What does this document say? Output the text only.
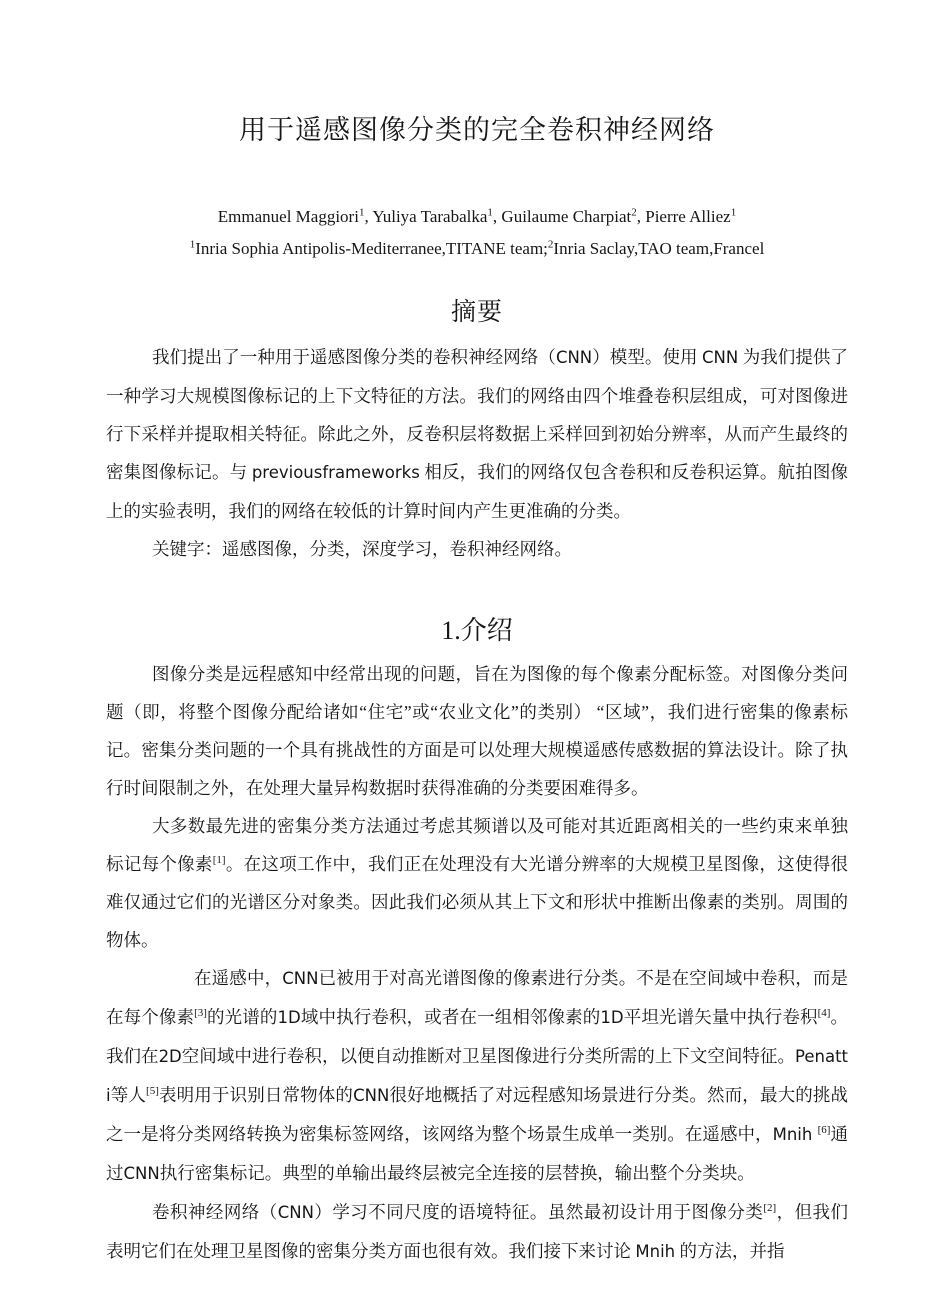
用于遥感图像分类的完全卷积神经网络

Emmanuel Maggiori$^1$, Yuliya Tarabalka$^1$, Guilaume Charpiat$^2$, Pierre Alliez$^1$

$^1$Inria Sophia Antipolis-Mediterranee,TITANE team;$^2$Inria Saclay,TAO team,Francel

摘要

我们提出了一种用于遥感图像分类的卷积神经网络（CNN）模型。使用 CNN 为我们提供了一种学习大规模图像标记的上下文特征的方法。我们的网络由四个堆叠卷积层组成，可对图像进行下采样并提取相关特征。除此之外，反卷积层将数据上采样回到初始分辨率，从而产生最终的密集图像标记。与 previousframeworks 相反，我们的网络仅包含卷积和反卷积运算。航拍图像上的实验表明，我们的网络在较低的计算时间内产生更准确的分类。

关键字：遥感图像，分类，深度学习，卷积神经网络。

1.介绍

图像分类是远程感知中经常出现的问题，旨在为图像的每个像素分配标签。对图像分类问题（即，将整个图像分配给诸如“住宅”或“农业文化”的类别） “区域”，我们进行密集的像素标记。密集分类问题的一个具有挑战性的方面是可以处理大规模遥感传感数据的算法设计。除了执行时间限制之外，在处理大量异构数据时获得准确的分类要困难得多。

大多数最先进的密集分类方法通过考虑其频谱以及可能对其近距离相关的一些约束来单独标记每个像素[1]。在这项工作中，我们正在处理没有大光谱分辨率的大规模卫星图像，这使得很难仅通过它们的光谱区分对象类。因此我们必须从其上下文和形状中推断出像素的类别。周围的物体。

在遥感中，CNN已被用于对高光谱图像的像素进行分类。不是在空间域中卷积，而是在每个像素[3]的光谱的1D域中执行卷积，或者在一组相邻像素的1D平坦光谱矢量中执行卷积[4]。我们在2D空间域中进行卷积，以便自动推断对卫星图像进行分类所需的上下文空间特征。Penatti等人[5]表明用于识别日常物体的CNN很好地概括了对远程感知场景进行分类。然而，最大的挑战之一是将分类网络转换为密集标签网络，该网络为整个场景生成单一类别。在遥感中，Mnih [6]通过CNN执行密集标记。典型的单输出最终层被完全连接的层替换，输出整个分类块。

卷积神经网络（CNN）学习不同尺度的语境特征。虽然最初设计用于图像分类[2]，但我们表明它们在处理卫星图像的密集分类方面也很有效。我们接下来讨论 Mnih 的方法，并指
